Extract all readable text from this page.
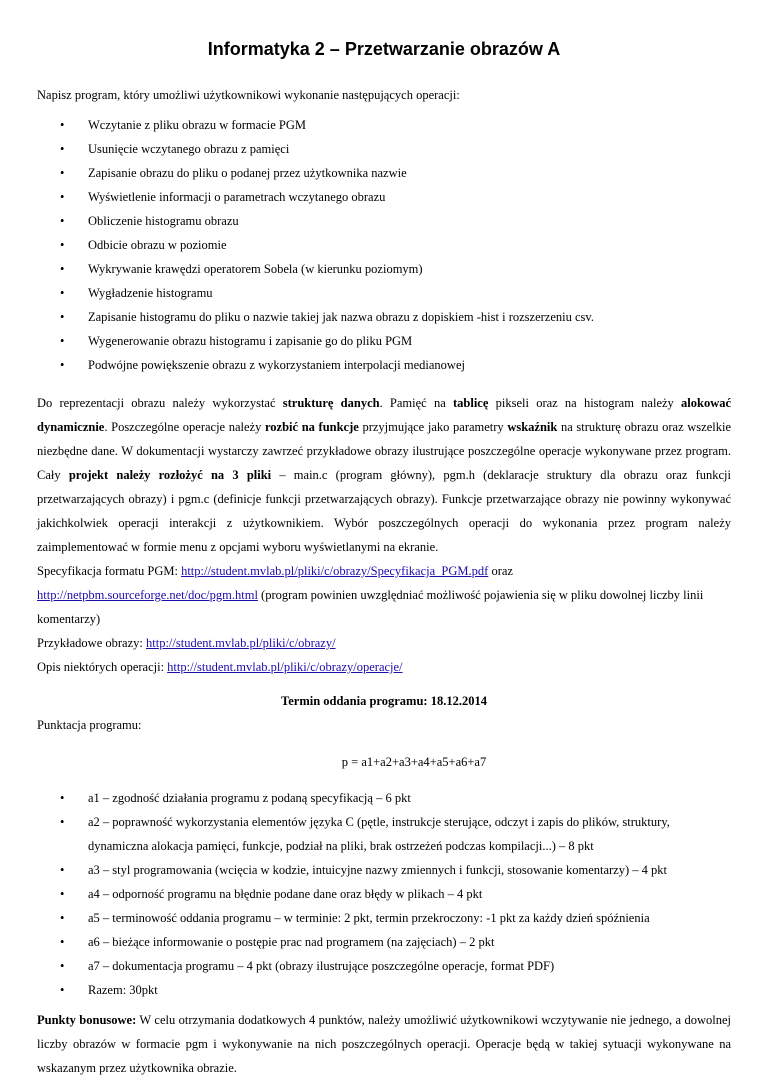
Informatyka 2 – Przetwarzanie obrazów A

Napisz program, który umożliwi użytkownikowi wykonanie następujących operacji:

• Wczytanie z pliku obrazu w formacie PGM
• Usunięcie wczytanego obrazu z pamięci
• Zapisanie obrazu do pliku o podanej przez użytkownika nazwie
• Wyświetlenie informacji o parametrach wczytanego obrazu
• Obliczenie histogramu obrazu
• Odbicie obrazu w poziomie
• Wykrywanie krawędzi operatorem Sobela (w kierunku poziomym)
• Wygładzenie histogramu
• Zapisanie histogramu do pliku o nazwie takiej jak nazwa obrazu z dopiskiem -hist i rozszerzeniu csv.
• Wygenerowanie obrazu histogramu i zapisanie go do pliku PGM
• Podwójne powiększenie obrazu z wykorzystaniem interpolacji medianowej

Do reprezentacji obrazu należy wykorzystać strukturę danych. Pamięć na tablicę pikseli oraz na histogram należy alokować dynamicznie. Poszczególne operacje należy rozbić na funkcje przyjmujące jako parametry wskaźnik na strukturę obrazu oraz wszelkie niezbędne dane. W dokumentacji wystarczy zawrzeć przykładowe obrazy ilustrujące poszczególne operacje wykonywane przez program. Cały projekt należy rozłożyć na 3 pliki – main.c (program główny), pgm.h (deklaracje struktury dla obrazu oraz funkcji przetwarzających obrazy) i pgm.c (definicje funkcji przetwarzających obrazy). Funkcje przetwarzające obrazy nie powinny wykonywać jakichkolwiek operacji interakcji z użytkownikiem. Wybór poszczególnych operacji do wykonania przez program należy zaimplementować w formie menu z opcjami wyboru wyświetlanymi na ekranie.

Specyfikacja formatu PGM: http://student.mvlab.pl/pliki/c/obrazy/Specyfikacja_PGM.pdf oraz

http://netpbm.sourceforge.net/doc/pgm.html (program powinien uwzględniać możliwość pojawienia się w pliku dowolnej liczby linii komentarzy)

Przykładowe obrazy: http://student.mvlab.pl/pliki/c/obrazy/

Opis niektórych operacji: http://student.mvlab.pl/pliki/c/obrazy/operacje/

Termin oddania programu: 18.12.2014

Punktacja programu:

p = a1+a2+a3+a4+a5+a6+a7

• a1 – zgodność działania programu z podaną specyfikacją – 6 pkt
• a2 – poprawność wykorzystania elementów języka C (pętle, instrukcje sterujące, odczyt i zapis do plików, struktury, dynamiczna alokacja pamięci, funkcje, podział na pliki, brak ostrzeżeń podczas kompilacji...) – 8 pkt
• a3 – styl programowania (wcięcia w kodzie, intuicyjne nazwy zmiennych i funkcji, stosowanie komentarzy) – 4 pkt
• a4 – odporność programu na błędnie podane dane oraz błędy w plikach – 4 pkt
• a5 – terminowość oddania programu – w terminie: 2 pkt, termin przekroczony: -1 pkt za każdy dzień spóźnienia
• a6 – bieżące informowanie o postępie prac nad programem (na zajęciach) – 2 pkt
• a7 – dokumentacja programu – 4 pkt (obrazy ilustrujące poszczególne operacje, format PDF)
• Razem: 30pkt

Punkty bonusowe: W celu otrzymania dodatkowych 4 punktów, należy umożliwić użytkownikowi wczytywanie nie jednego, a dowolnej liczby obrazów w formacie pgm i wykonywanie na nich poszczególnych operacji. Operacje będą w takiej sytuacji wykonywane na wskazanym przez użytkownika obrazie.
